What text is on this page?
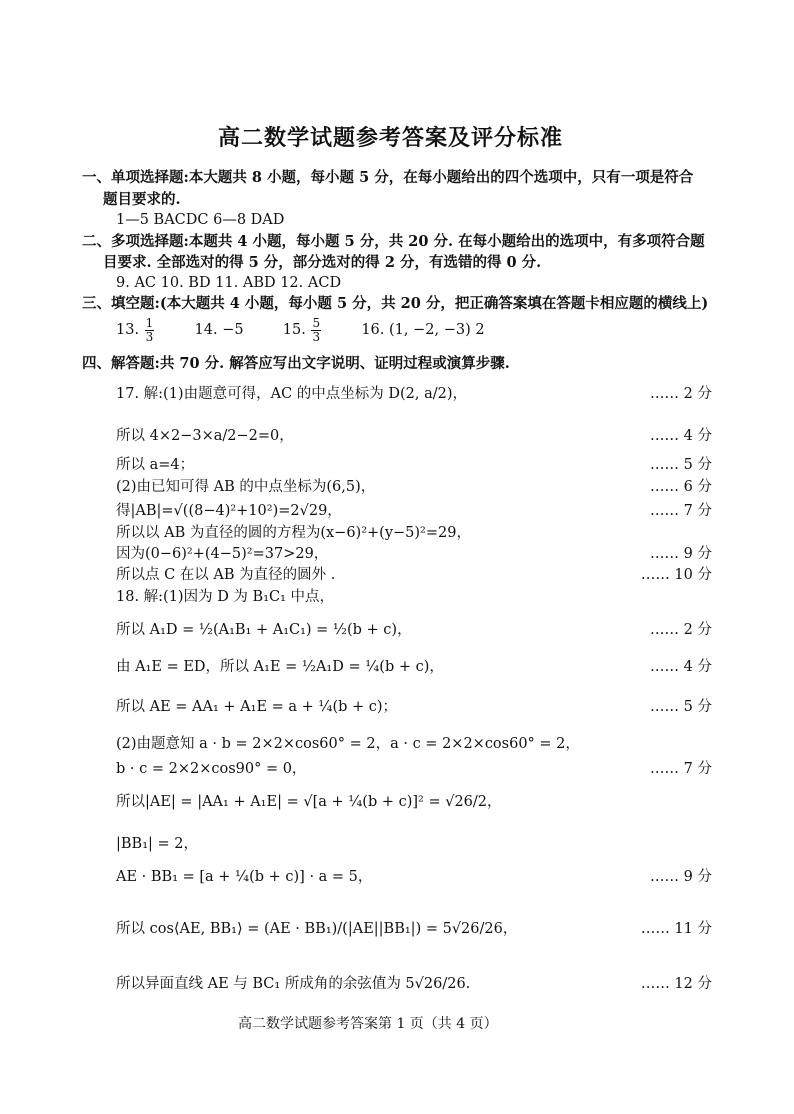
高二数学试题参考答案及评分标准
一、单项选择题:本大题共 8 小题，每小题 5 分，在每小题给出的四个选项中，只有一项是符合
题目要求的.
1—5 BACDC 6—8 DAD
二、多项选择题:本题共 4 小题，每小题 5 分，共 20 分. 在每小题给出的选项中，有多项符合题
目要求. 全部选对的得 5 分，部分选对的得 2 分，有选错的得 0 分.
9. AC 10. BD 11. ABD 12. ACD
三、填空题:(本大题共 4 小题，每小题 5 分，共 20 分，把正确答案填在答题卡相应题的横线上)
13. $\frac{1}{3}$	14. −5	15. $\frac{5}{3}$	16. (1, −2, −3) 2
四、解答题:共 70 分. 解答应写出文字说明、证明过程或演算步骤.
17. 解:(1)由题意可得，AC 的中点坐标为 D(2, a/2)，	…… 2 分
所以 4×2−3×a/2−2=0，	…… 4 分
所以 a=4；	…… 5 分
(2)由已知可得 AB 的中点坐标为(6,5)，	…… 6 分
得|AB|=√((8−4)²+10²)=2√29，	…… 7 分
所以以 AB 为直径的圆的方程为(x−6)²+(y−5)²=29，
因为(0−6)²+(4−5)²=37>29，	…… 9 分
所以点 C 在以 AB 为直径的圆外 .	…… 10 分
18. 解:(1)因为 D 为 B₁C₁ 中点，
所以 A₁D = ½(A₁B₁ + A₁C₁) = ½(b + c)，	…… 2 分
由 A₁E = ED，所以 A₁E = ½A₁D = ¼(b + c)，	…… 4 分
所以 AE = AA₁ + A₁E = a + ¼(b + c)；	…… 5 分
(2)由题意知 a · b = 2×2×cos60° = 2，a · c = 2×2×cos60° = 2，
b · c = 2×2×cos90° = 0，	…… 7 分
所以|AE| = |AA₁ + A₁E| = √[a + ¼(b + c)]² = √26/2，
|BB₁| = 2，
AE · BB₁ = [a + ¼(b + c)] · a = 5，	…… 9 分
所以 cos⟨AE, BB₁⟩ = (AE · BB₁)/(|AE||BB₁|) = 5√26/26，	…… 11 分
所以异面直线 AE 与 BC₁ 所成角的余弦值为 5√26/26.	…… 12 分
高二数学试题参考答案第 1 页（共 4 页）
